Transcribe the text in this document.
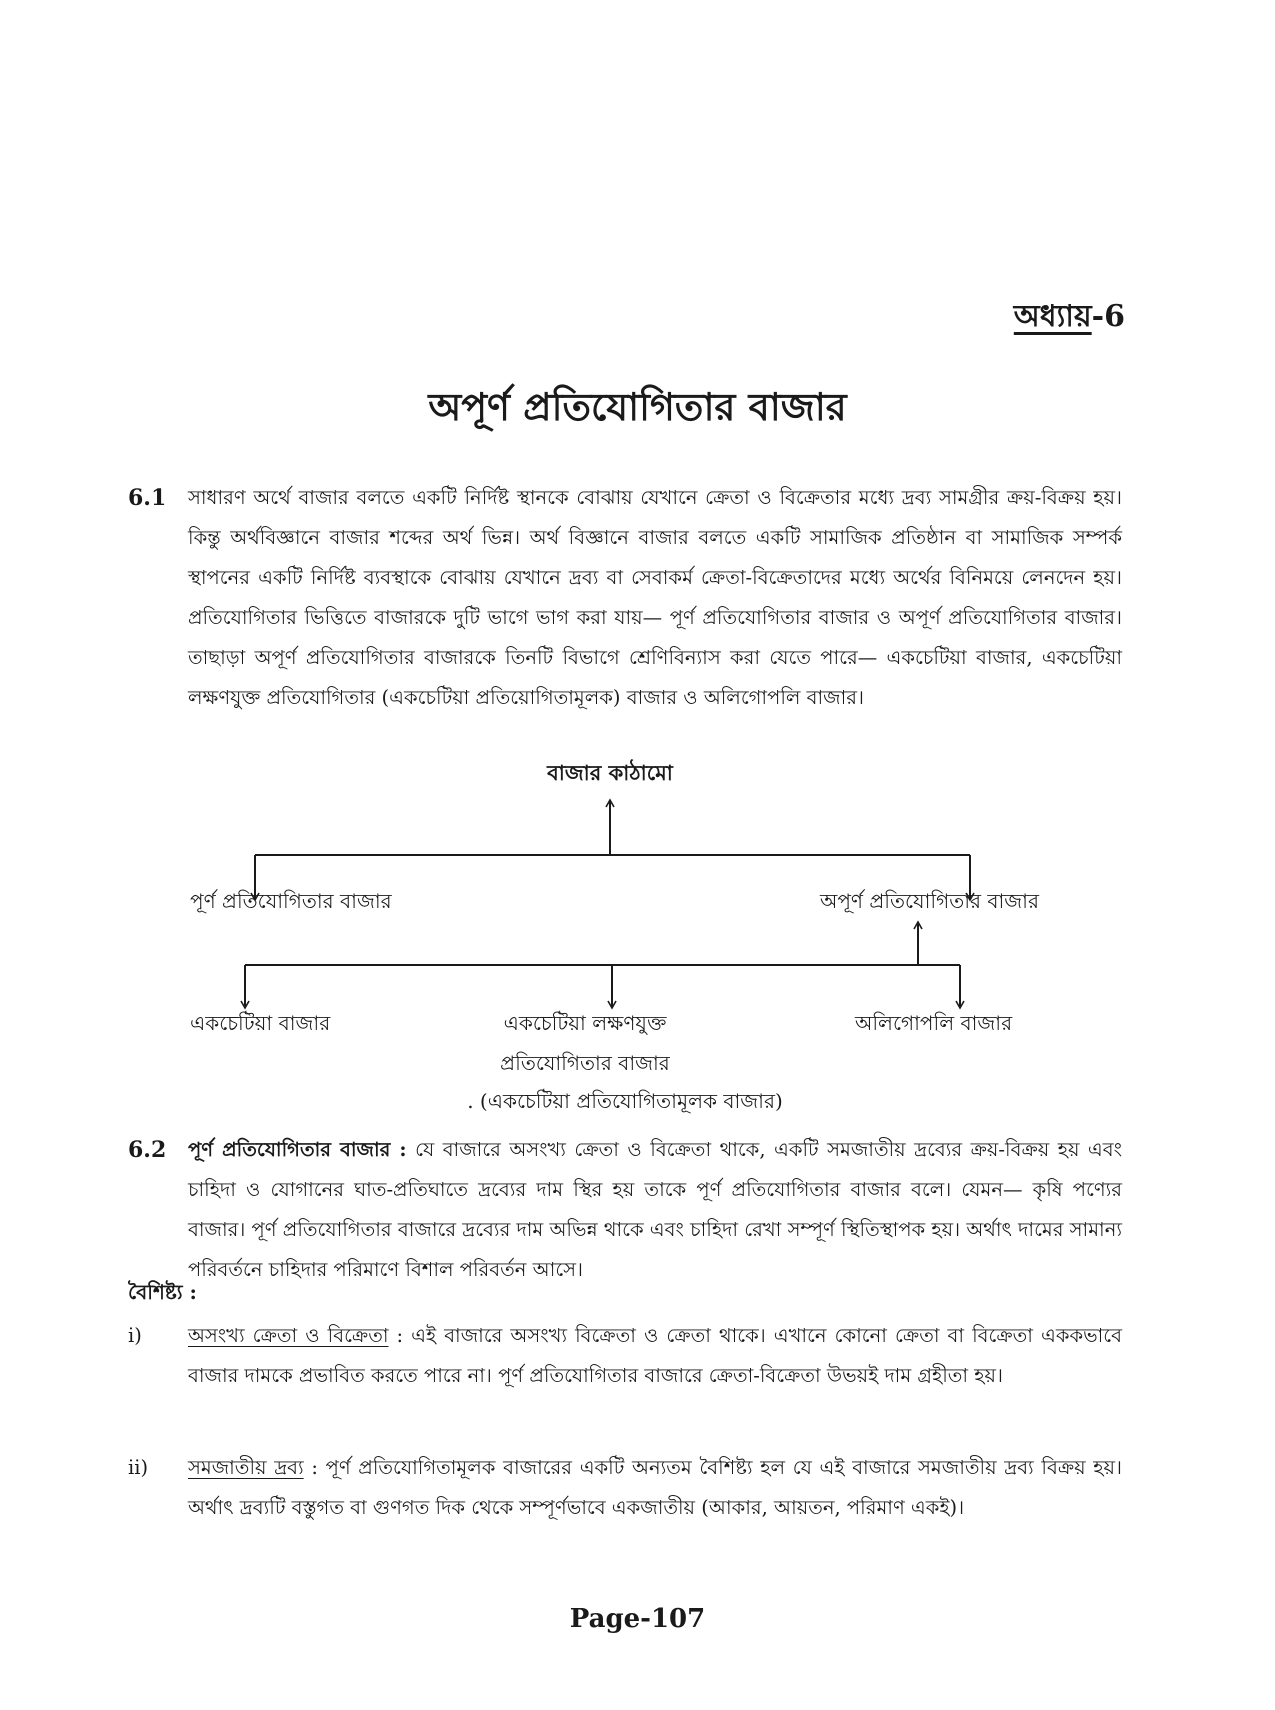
অধ্যায়-6
অপূর্ণ প্রতিযোগিতার বাজার
6.1	সাধারণ অর্থে বাজার বলতে একটি নির্দিষ্ট স্থানকে বোঝায় যেখানে ক্রেতা ও বিক্রেতার মধ্যে দ্রব্য সামগ্রীর ক্রয়-বিক্রয় হয়। কিন্তু অর্থবিজ্ঞানে বাজার শব্দের অর্থ ভিন্ন। অর্থ বিজ্ঞানে বাজার বলতে একটি সামাজিক প্রতিষ্ঠান বা সামাজিক সম্পর্ক স্থাপনের একটি নির্দিষ্ট ব্যবস্থাকে বোঝায় যেখানে দ্রব্য বা সেবাকর্ম ক্রেতা-বিক্রেতাদের মধ্যে অর্থের বিনিময়ে লেনদেন হয়। প্রতিযোগিতার ভিত্তিতে বাজারকে দুটি ভাগে ভাগ করা যায়— পূর্ণ প্রতিযোগিতার বাজার ও অপূর্ণ প্রতিযোগিতার বাজার। তাছাড়া অপূর্ণ প্রতিযোগিতার বাজারকে তিনটি বিভাগে শ্রেণিবিন্যাস করা যেতে পারে— একচেটিয়া বাজার, একচেটিয়া লক্ষণযুক্ত প্রতিযোগিতার (একচেটিয়া প্রতিয়োগিতামূলক) বাজার ও অলিগোপলি বাজার।
বাজার কাঠামো
পূর্ণ প্রতিযোগিতার বাজার	অপূর্ণ প্রতিযোগিতার বাজার
একচেটিয়া বাজার	একচেটিয়া লক্ষণযুক্ত
প্রতিযোগিতার বাজার
. (একচেটিয়া প্রতিযোগিতামূলক বাজার)
অলিগোপলি বাজার
6.2	পূর্ণ প্রতিযোগিতার বাজার : যে বাজারে অসংখ্য ক্রেতা ও বিক্রেতা থাকে, একটি সমজাতীয় দ্রব্যের ক্রয়-বিক্রয় হয় এবং চাহিদা ও যোগানের ঘাত-প্রতিঘাতে দ্রব্যের দাম স্থির হয় তাকে পূর্ণ প্রতিযোগিতার বাজার বলে। যেমন— কৃষি পণ্যের বাজার। পূর্ণ প্রতিযোগিতার বাজারে দ্রব্যের দাম অভিন্ন থাকে এবং চাহিদা রেখা সম্পূর্ণ স্থিতিস্থাপক হয়। অর্থাৎ দামের সামান্য পরিবর্তনে চাহিদার পরিমাণে বিশাল পরিবর্তন আসে।
বৈশিষ্ট্য :
i)	অসংখ্য ক্রেতা ও বিক্রেতা : এই বাজারে অসংখ্য বিক্রেতা ও ক্রেতা থাকে। এখানে কোনো ক্রেতা বা বিক্রেতা এককভাবে বাজার দামকে প্রভাবিত করতে পারে না। পূর্ণ প্রতিযোগিতার বাজারে ক্রেতা-বিক্রেতা উভয়ই দাম গ্রহীতা হয়।
ii)	সমজাতীয় দ্রব্য : পূর্ণ প্রতিযোগিতামূলক বাজারের একটি অন্যতম বৈশিষ্ট্য হল যে এই বাজারে সমজাতীয় দ্রব্য বিক্রয় হয়। অর্থাৎ দ্রব্যটি বস্তুগত বা গুণগত দিক থেকে সম্পূর্ণভাবে একজাতীয় (আকার, আয়তন, পরিমাণ একই)।
Page-107
